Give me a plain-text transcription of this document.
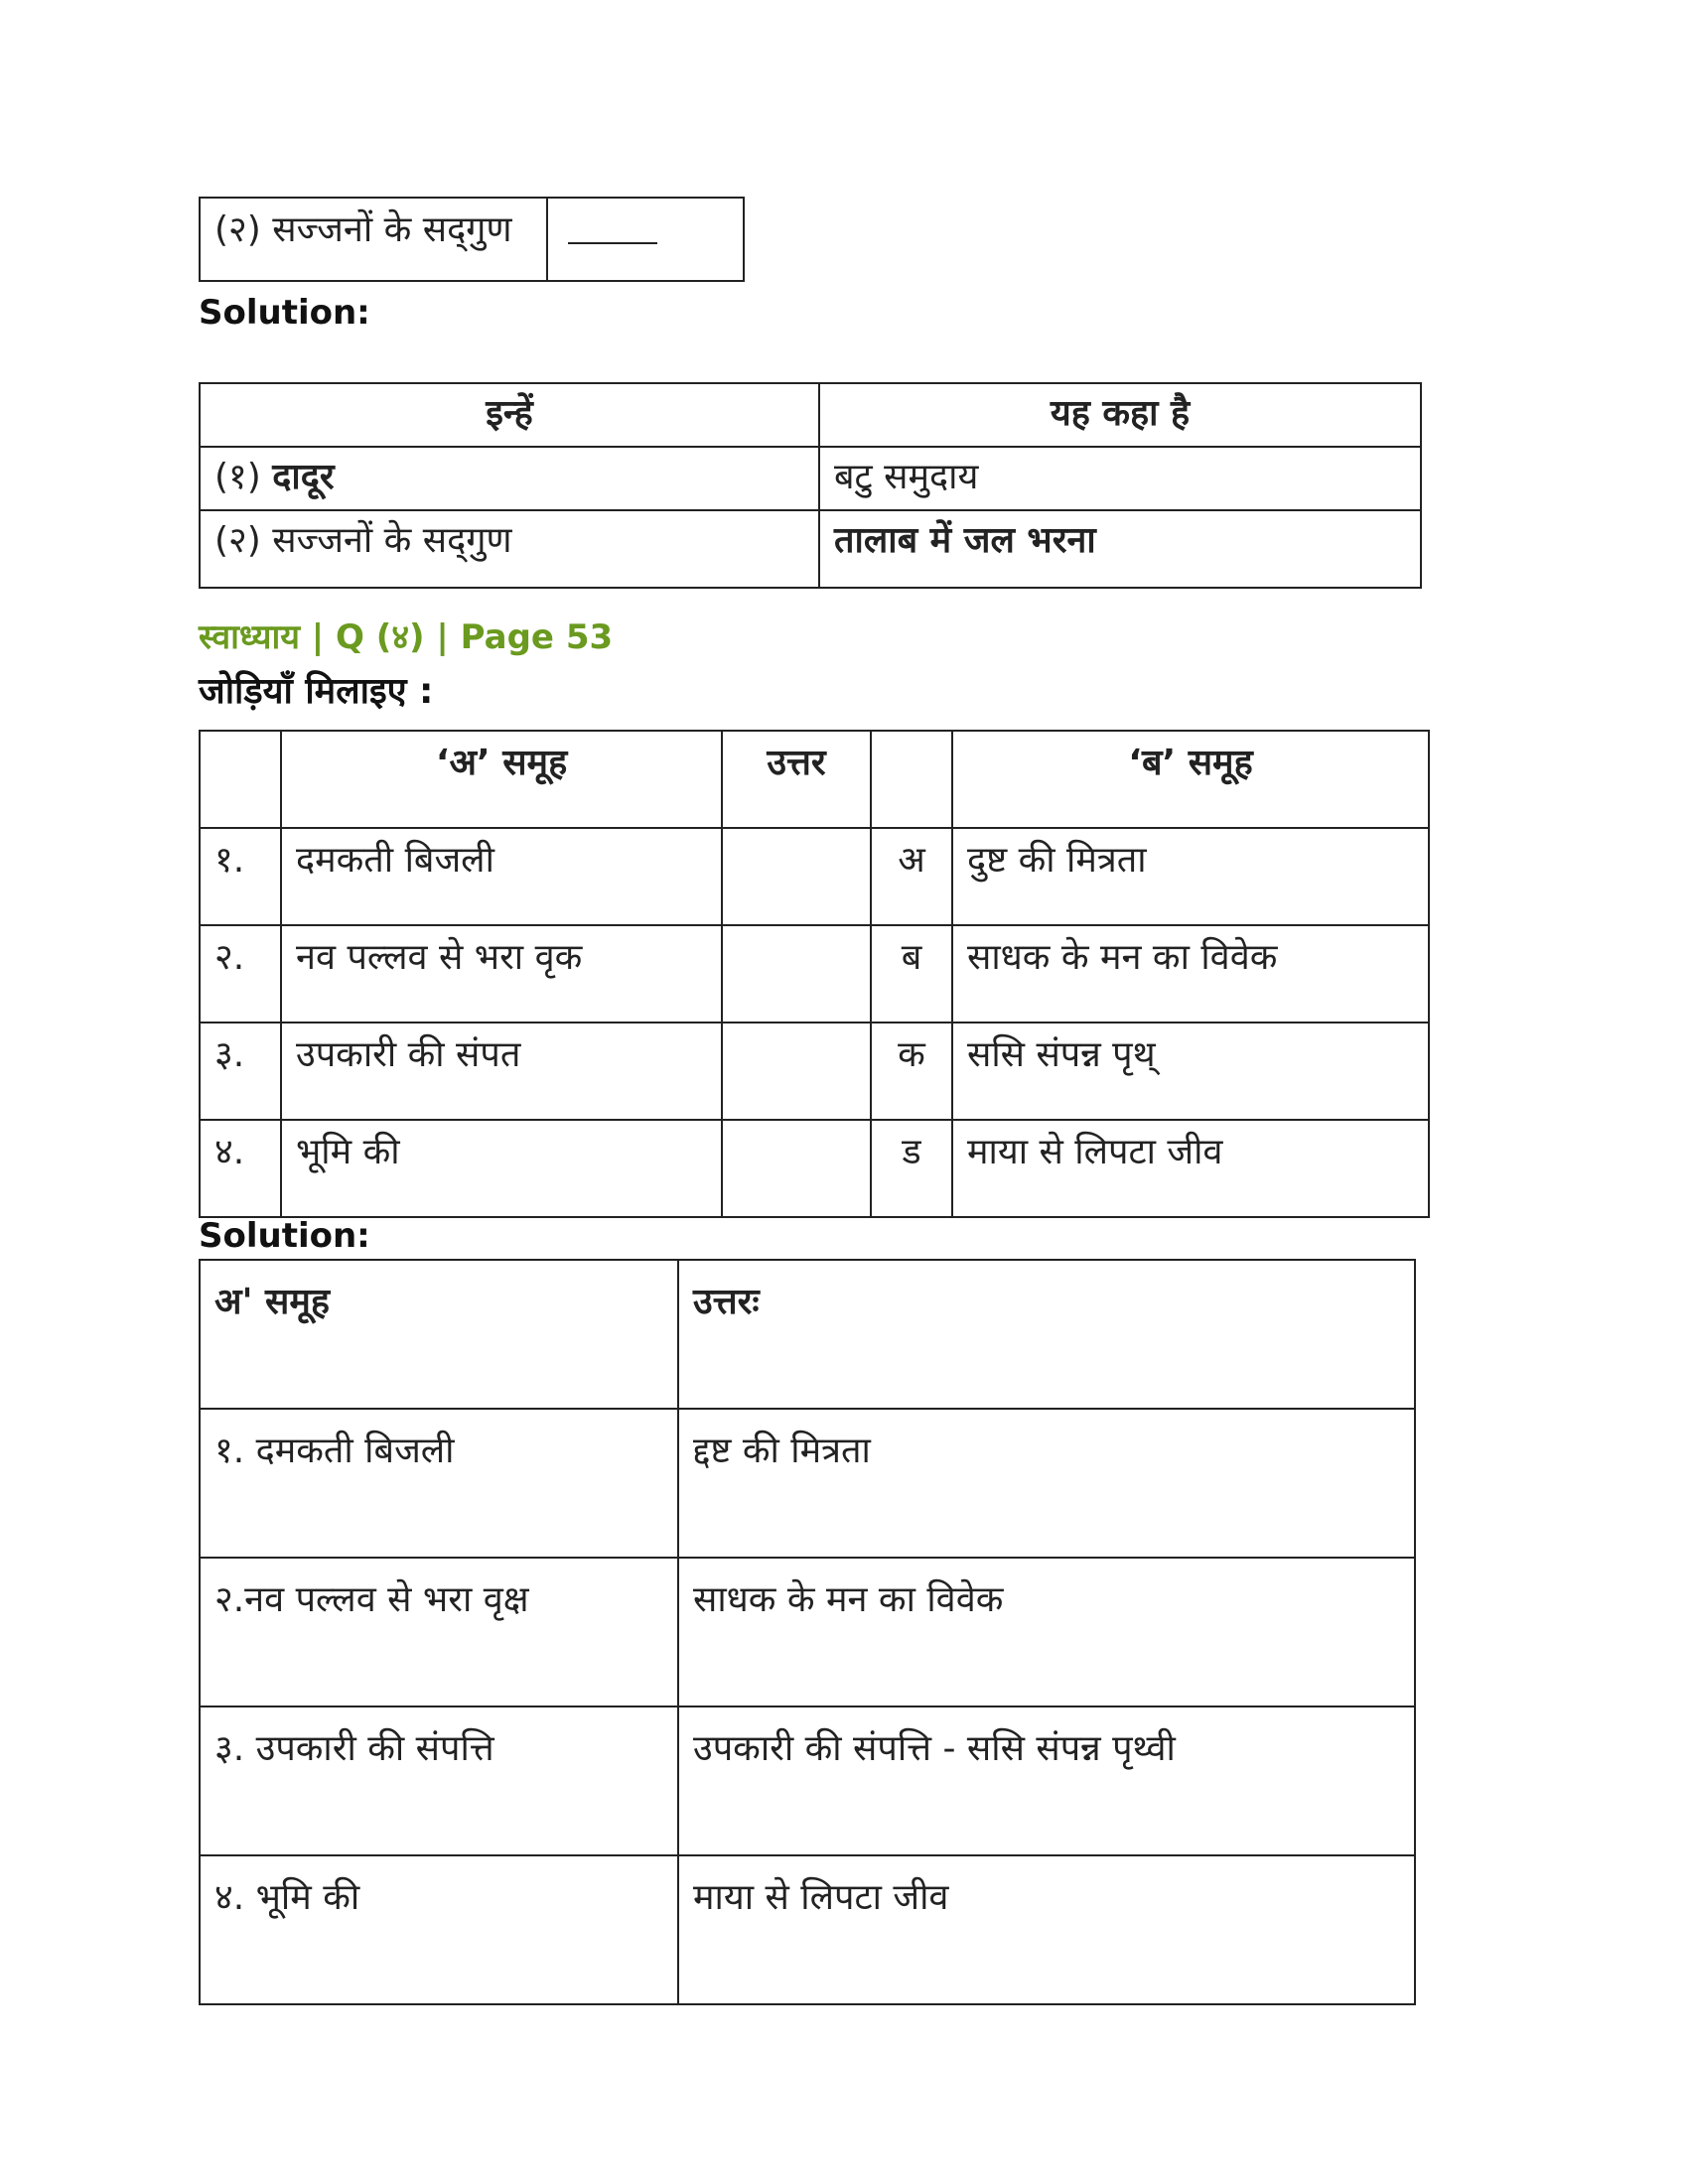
(२) सज्जनों के सद्‌गुण	
Solution:
इन्हें	यह कहा है
(१) दादूर	बटु समुदाय
(२) सज्जनों के सद्‌गुण	तालाब में जल भरना
स्वाध्याय | Q (४) | Page 53
जोड़ियाँ मिलाइए :
	‘अ’ समूह	उत्तर		‘ब’ समूह
१.	दमकती बिजली		अ	दुष्ट की मित्रता
२.	नव पल्लव से भरा वृक		ब	साधक के मन का विवेक
३.	उपकारी की संपत		क	ससि संपन्न पृथ्
४.	भूमि की		ड	माया से लिपटा जीव
Solution:
अ' समूह	उत्तरः
१. दमकती बिजली	द्दष्ट की मित्रता
२.नव पल्लव से भरा वृक्ष	साधक के मन का विवेक
३. उपकारी की संपत्ति	उपकारी की संपत्ति - ससि संपन्न पृथ्वी
४. भूमि की	माया से लिपटा जीव
